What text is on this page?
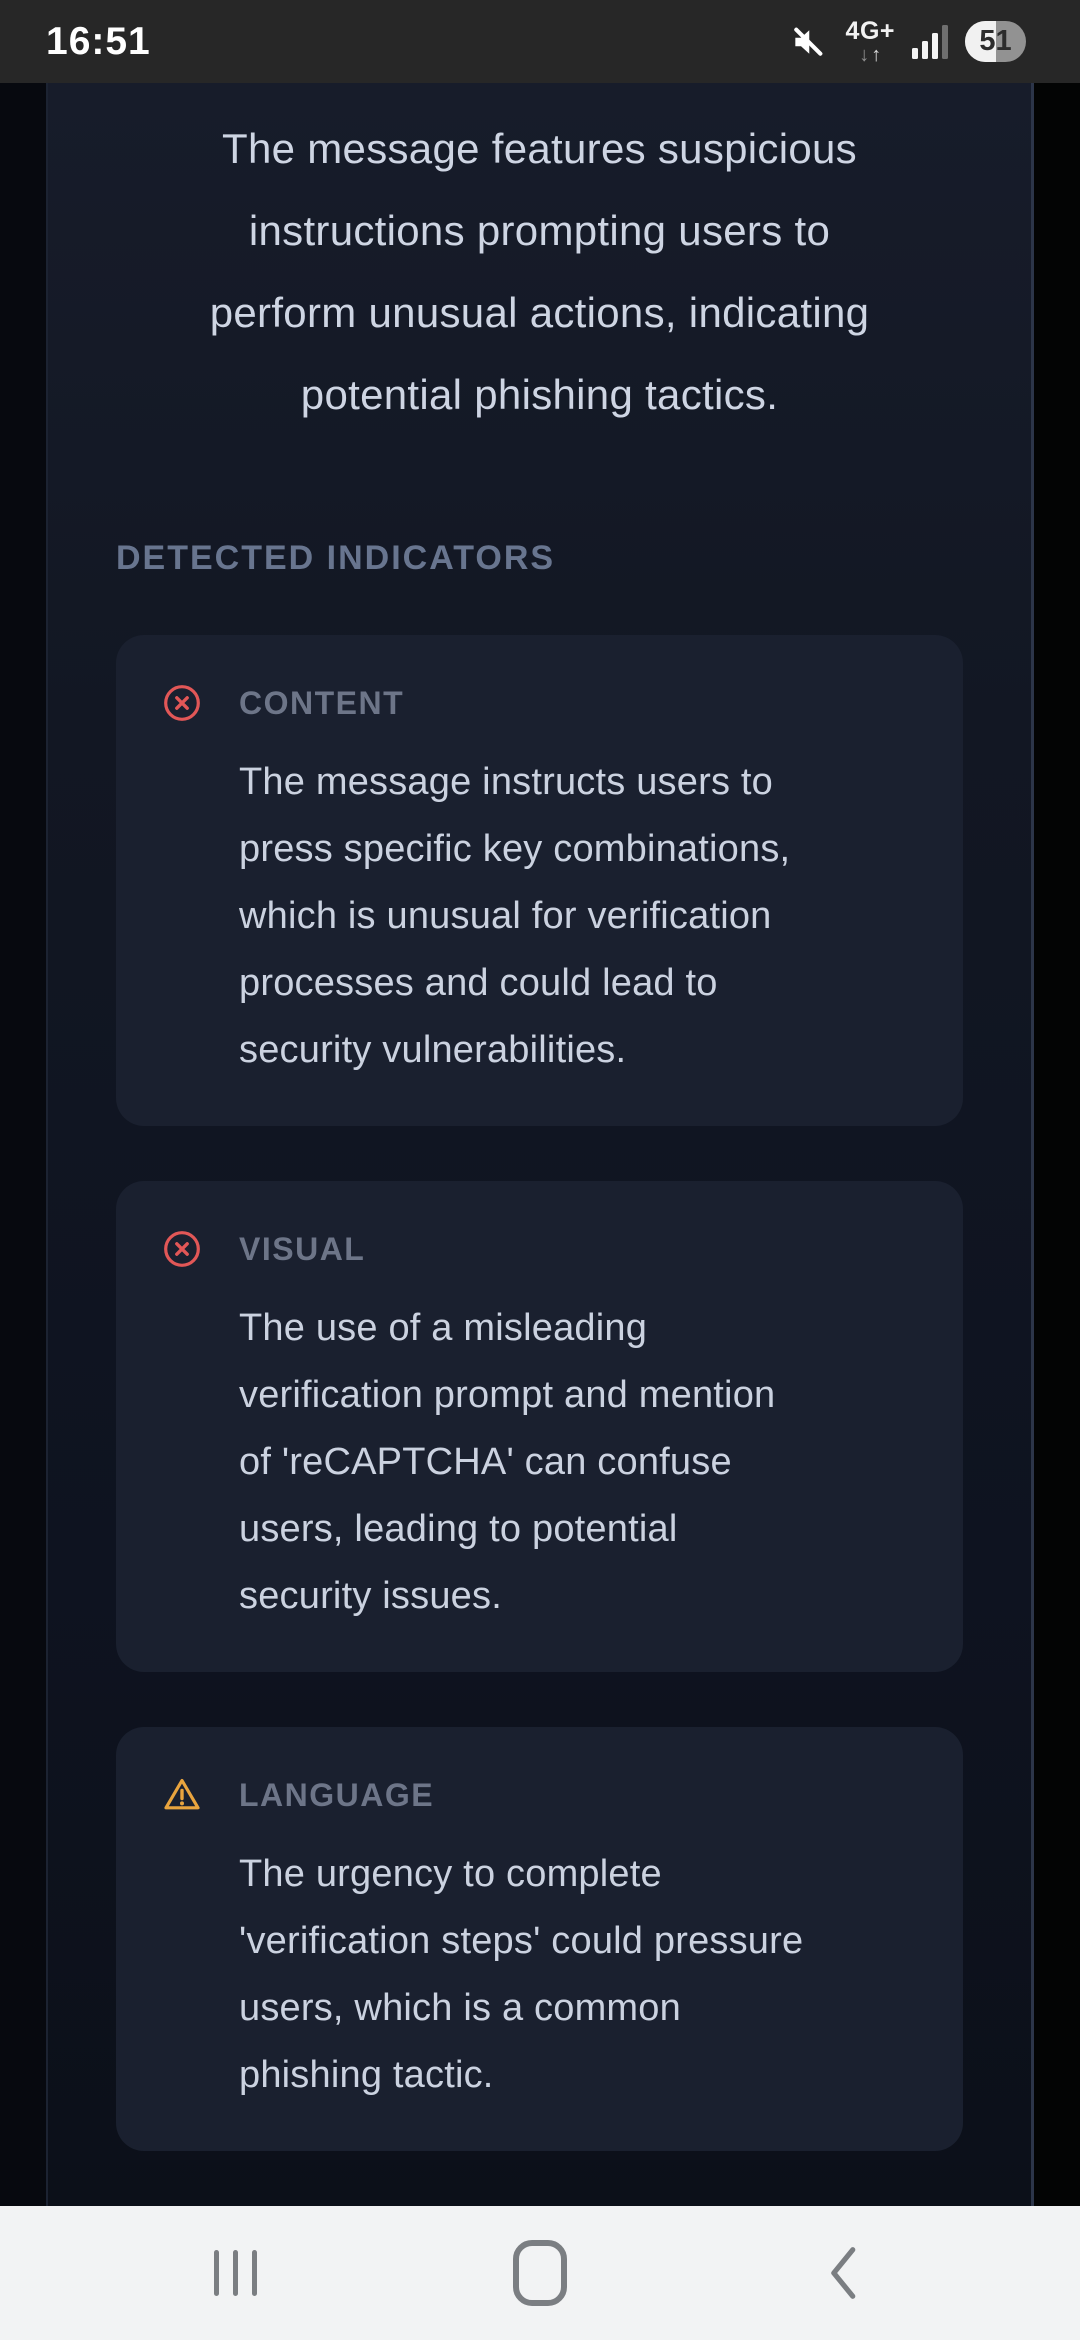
16:51	4G+
↓ ↑	51
The message features suspicious
instructions prompting users to
perform unusual actions, indicating
potential phishing tactics.
DETECTED INDICATORS
CONTENT
The message instructs users to
press specific key combinations,
which is unusual for verification
processes and could lead to
security vulnerabilities.
VISUAL
The use of a misleading
verification prompt and mention
of 'reCAPTCHA' can confuse
users, leading to potential
security issues.
LANGUAGE
The urgency to complete
'verification steps' could pressure
users, which is a common
phishing tactic.
